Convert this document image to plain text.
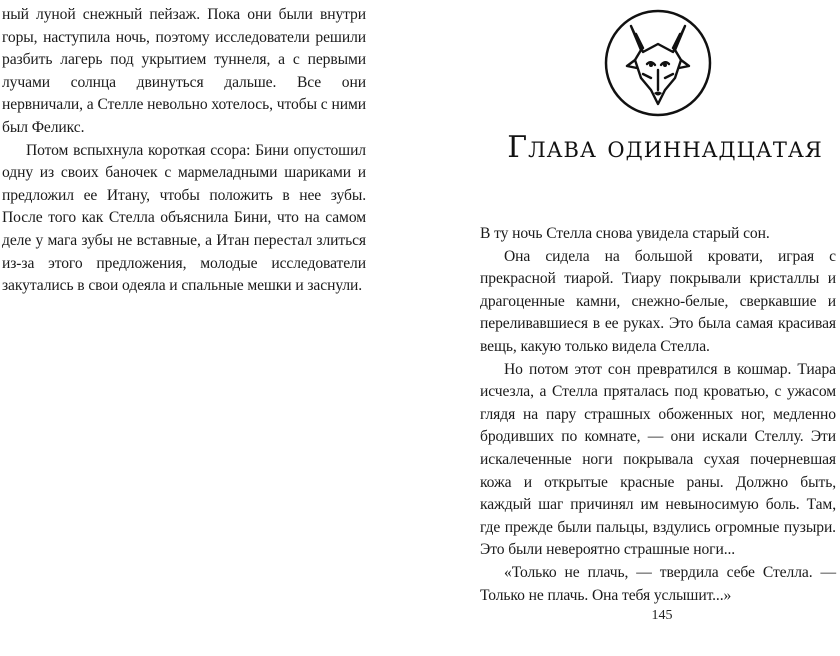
ный луной снежный пейзаж. Пока они были внутри горы, наступила ночь, поэтому исследователи решили разбить лагерь под укрытием туннеля, а с первыми лучами солнца двинуться дальше. Все они нервничали, а Стелле невольно хотелось, чтобы с ними был Феликс.

Потом вспыхнула короткая ссора: Бини опустошил одну из своих баночек с мармеладными шариками и предложил ее Итану, чтобы положить в нее зубы. После того как Стелла объяснила Бини, что на самом деле у мага зубы не вставные, а Итан перестал злиться из-за этого предложения, молодые исследователи закутались в свои одеяла и спальные мешки и заснули.

Глава одиннадцатая

В ту ночь Стелла снова увидела старый сон.

Она сидела на большой кровати, играя с прекрасной тиарой. Тиару покрывали кристаллы и драгоценные камни, снежно-белые, сверкавшие и переливавшиеся в ее руках. Это была самая красивая вещь, какую только видела Стелла.

Но потом этот сон превратился в кошмар. Тиара исчезла, а Стелла пряталась под кроватью, с ужасом глядя на пару страшных обоженных ног, медленно бродивших по комнате, — они искали Стеллу. Эти искалеченные ноги покрывала сухая почерневшая кожа и открытые красные раны. Должно быть, каждый шаг причинял им невыносимую боль. Там, где прежде были пальцы, вздулись огромные пузыри. Это были невероятно страшные ноги...

«Только не плачь, — твердила себе Стелла. — Только не плачь. Она тебя услышит...»

145
